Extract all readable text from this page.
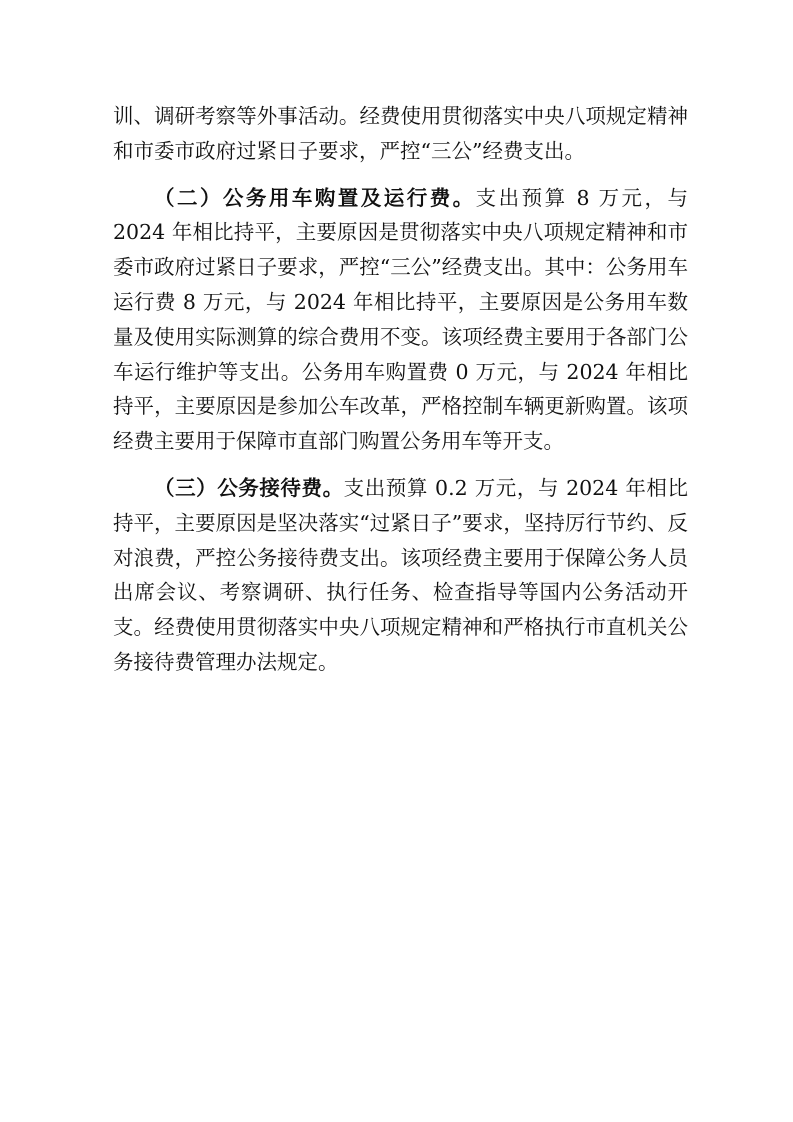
训、调研考察等外事活动。经费使用贯彻落实中央八项规定精神和市委市政府过紧日子要求，严控“三公”经费支出。

（二）公务用车购置及运行费。支出预算 8 万元，与 2024 年相比持平，主要原因是贯彻落实中央八项规定精神和市委市政府过紧日子要求，严控“三公”经费支出。其中：公务用车运行费 8 万元，与 2024 年相比持平，主要原因是公务用车数量及使用实际测算的综合费用不变。该项经费主要用于各部门公车运行维护等支出。公务用车购置费 0 万元，与 2024 年相比持平，主要原因是参加公车改革，严格控制车辆更新购置。该项经费主要用于保障市直部门购置公务用车等开支。

（三）公务接待费。支出预算 0.2 万元，与 2024 年相比持平，主要原因是坚决落实“过紧日子”要求，坚持厉行节约、反对浪费，严控公务接待费支出。该项经费主要用于保障公务人员出席会议、考察调研、执行任务、检查指导等国内公务活动开支。经费使用贯彻落实中央八项规定精神和严格执行市直机关公务接待费管理办法规定。
